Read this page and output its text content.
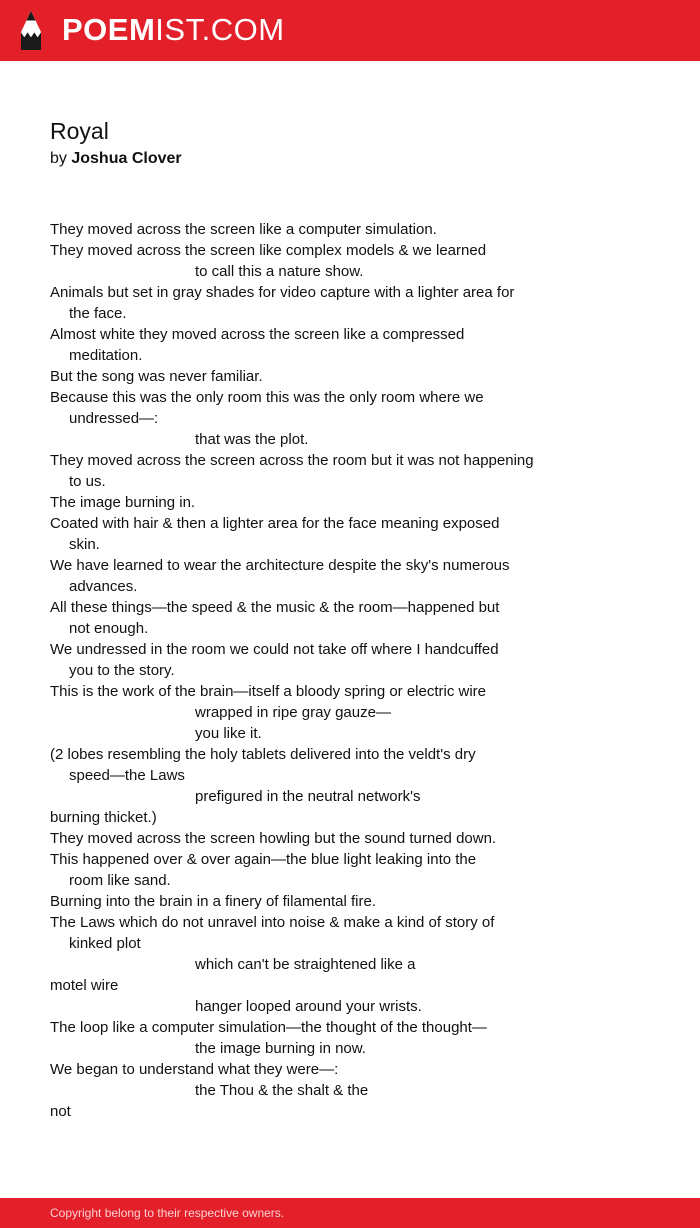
POEMIST.COM
Royal
by Joshua Clover
They moved across the screen like a computer simulation.
They moved across the screen like complex models & we learned
to call this a nature show.
Animals but set in gray shades for video capture with a lighter area for
the face.
Almost white they moved across the screen like a compressed
meditation.
But the song was never familiar.
Because this was the only room this was the only room where we
undressed—:
that was the plot.
They moved across the screen across the room but it was not happening
to us.
The image burning in.
Coated with hair & then a lighter area for the face meaning exposed
skin.
We have learned to wear the architecture despite the sky's numerous
advances.
All these things—the speed & the music & the room—happened but
not enough.
We undressed in the room we could not take off where I handcuffed
you to the story.
This is the work of the brain—itself a bloody spring or electric wire
wrapped in ripe gray gauze—
you like it.
(2 lobes resembling the holy tablets delivered into the veldt's dry
speed—the Laws
prefigured in the neutral network's
burning thicket.)
They moved across the screen howling but the sound turned down.
This happened over & over again—the blue light leaking into the
room like sand.
Burning into the brain in a finery of filamental fire.
The Laws which do not unravel into noise & make a kind of story of
kinked plot
which can't be straightened like a
motel wire
hanger looped around your wrists.
The loop like a computer simulation—the thought of the thought—
the image burning in now.
We began to understand what they were—:
the Thou & the shalt & the
not
Copyright belong to their respective owners.
